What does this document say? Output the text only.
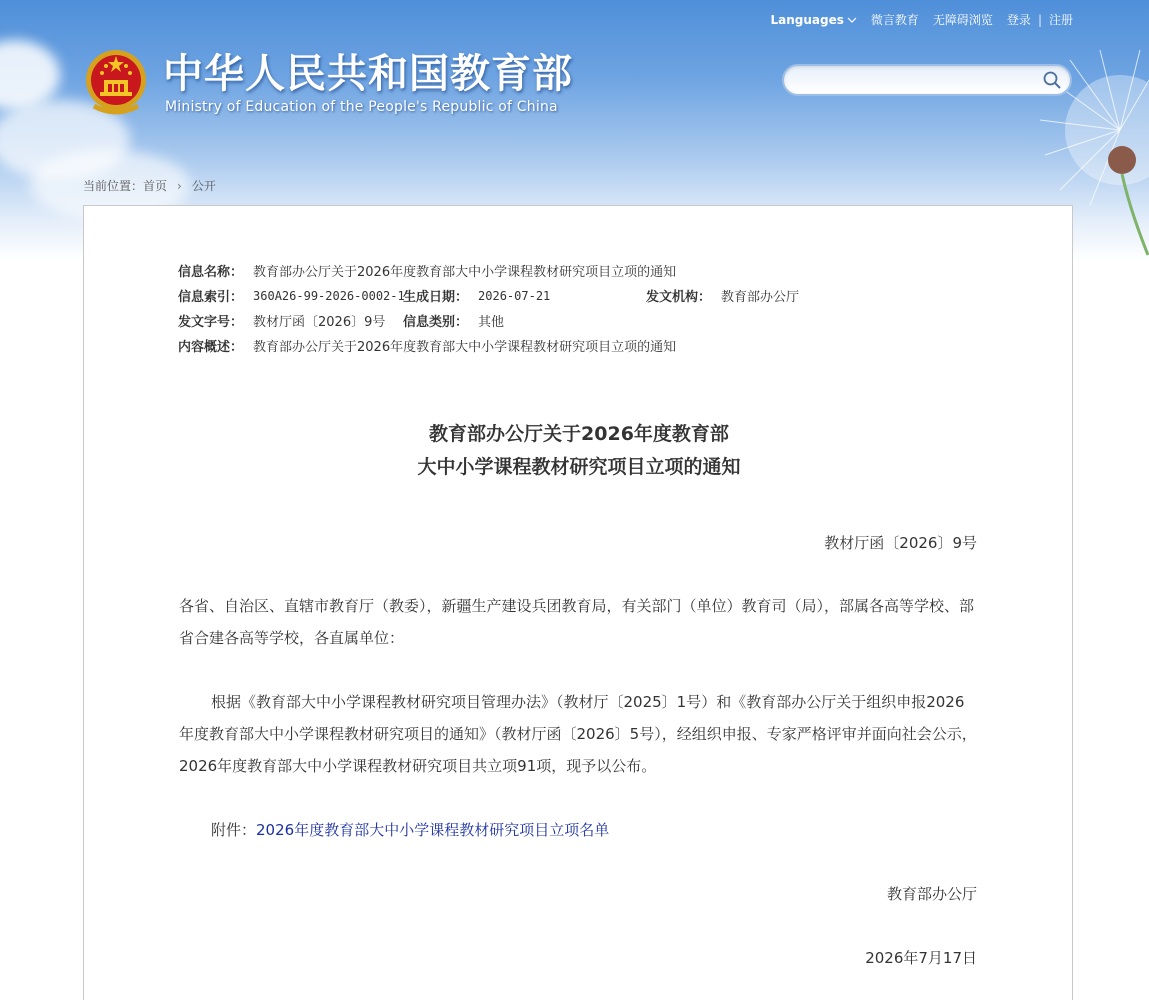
Languages 微言教育 无障碍浏览 登录 | 注册
中华人民共和国教育部
Ministry of Education of the People's Republic of China
当前位置： 首页 › 公开
信息名称： 教育部办公厅关于2026年度教育部大中小学课程教材研究项目立项的通知
信息索引： 360A26-99-2026-0002-1
生成日期： 2026-07-21	发文机构： 教育部办公厅
发文字号： 教材厅函〔2026〕9号	信息类别： 其他
内容概述： 教育部办公厅关于2026年度教育部大中小学课程教材研究项目立项的通知
教育部办公厅关于2026年度教育部
大中小学课程教材研究项目立项的通知
教材厅函〔2026〕9号
各省、自治区、直辖市教育厅（教委），新疆生产建设兵团教育局，有关部门（单位）教育司（局），部属各高等学校、部省合建各高等学校，各直属单位：
根据《教育部大中小学课程教材研究项目管理办法》（教材厅〔2025〕1号）和《教育部办公厅关于组织申报2026年度教育部大中小学课程教材研究项目的通知》（教材厅函〔2026〕5号），经组织申报、专家严格评审并面向社会公示，2026年度教育部大中小学课程教材研究项目共立项91项，现予以公布。
附件：2026年度教育部大中小学课程教材研究项目立项名单
教育部办公厅
2026年7月17日
